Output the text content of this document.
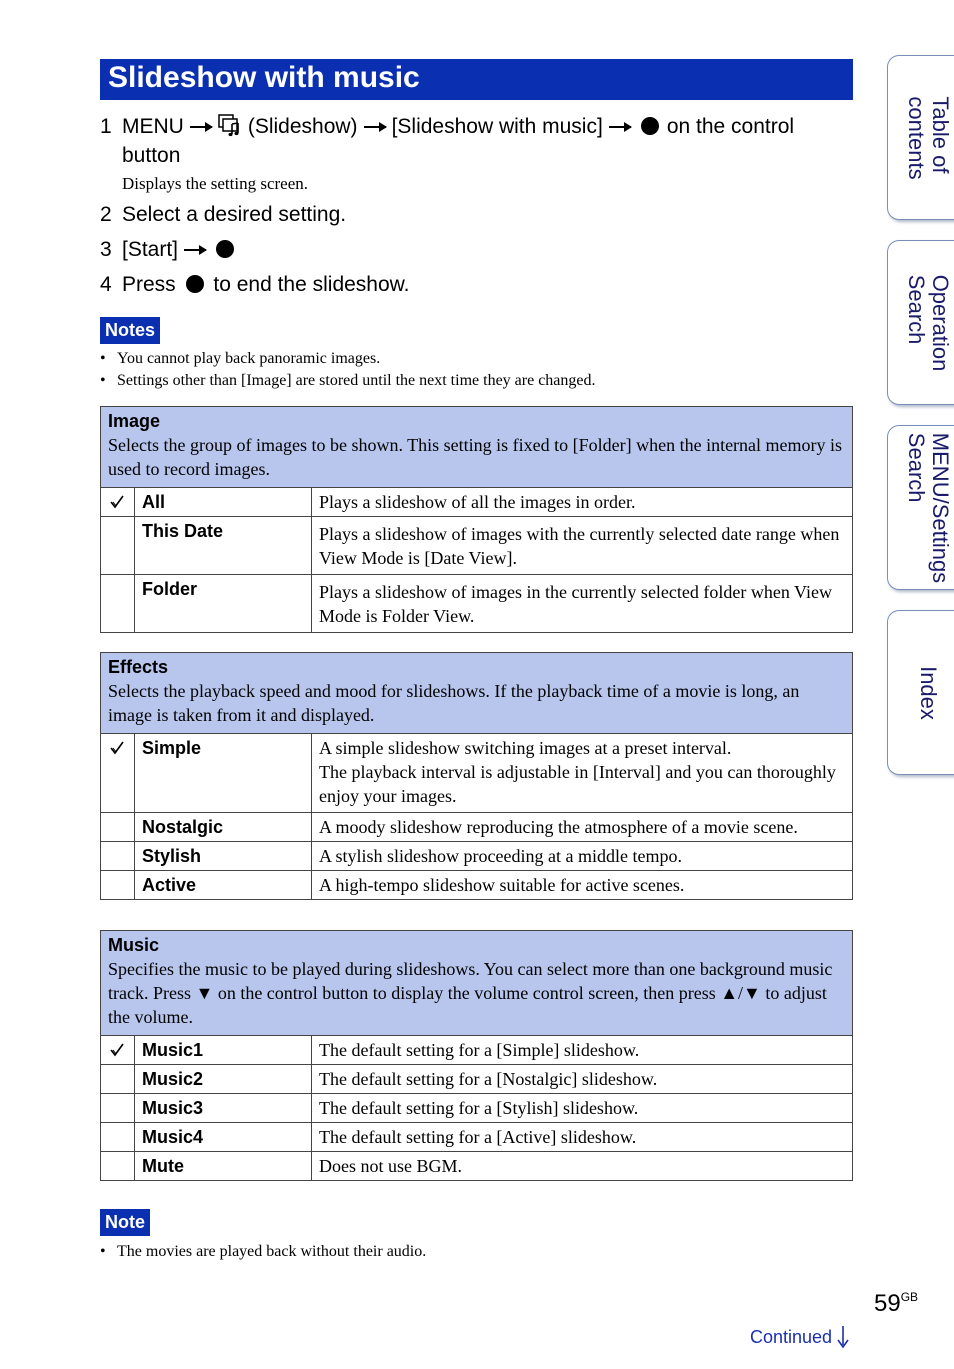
Slideshow with music
1 MENU	(Slideshow) [Slideshow with music]	on the control
button
Displays the setting screen.
2 Select a desired setting.
3 [Start]
4 Press to end the slideshow.
Notes
• You cannot play back panoramic images.
• Settings other than [Image] are stored until the next time they are changed.
Image
Selects the group of images to be shown. This setting is fixed to [Folder] when the internal memory is used to record images.
All	Plays a slideshow of all the images in order.
This Date	Plays a slideshow of images with the currently selected date range when View Mode is [Date View].
Folder	Plays a slideshow of images in the currently selected folder when View Mode is Folder View.
Effects
Selects the playback speed and mood for slideshows. If the playback time of a movie is long, an image is taken from it and displayed.
Simple	A simple slideshow switching images at a preset interval.
The playback interval is adjustable in [Interval] and you can thoroughly enjoy your images.
Nostalgic	A moody slideshow reproducing the atmosphere of a movie scene.
Stylish	A stylish slideshow proceeding at a middle tempo.
Active	A high-tempo slideshow suitable for active scenes.
Music
Specifies the music to be played during slideshows. You can select more than one background music track. Press ▼ on the control button to display the volume control screen, then press ▲/▼ to adjust the volume.
Music1	The default setting for a [Simple] slideshow.
Music2	The default setting for a [Nostalgic] slideshow.
Music3	The default setting for a [Stylish] slideshow.
Music4	The default setting for a [Active] slideshow.
Mute	Does not use BGM.
Note
• The movies are played back without their audio.
Table of
contents
Operation
Search
MENU/Settings
Search
Index
$59^{GB}$
Continued
